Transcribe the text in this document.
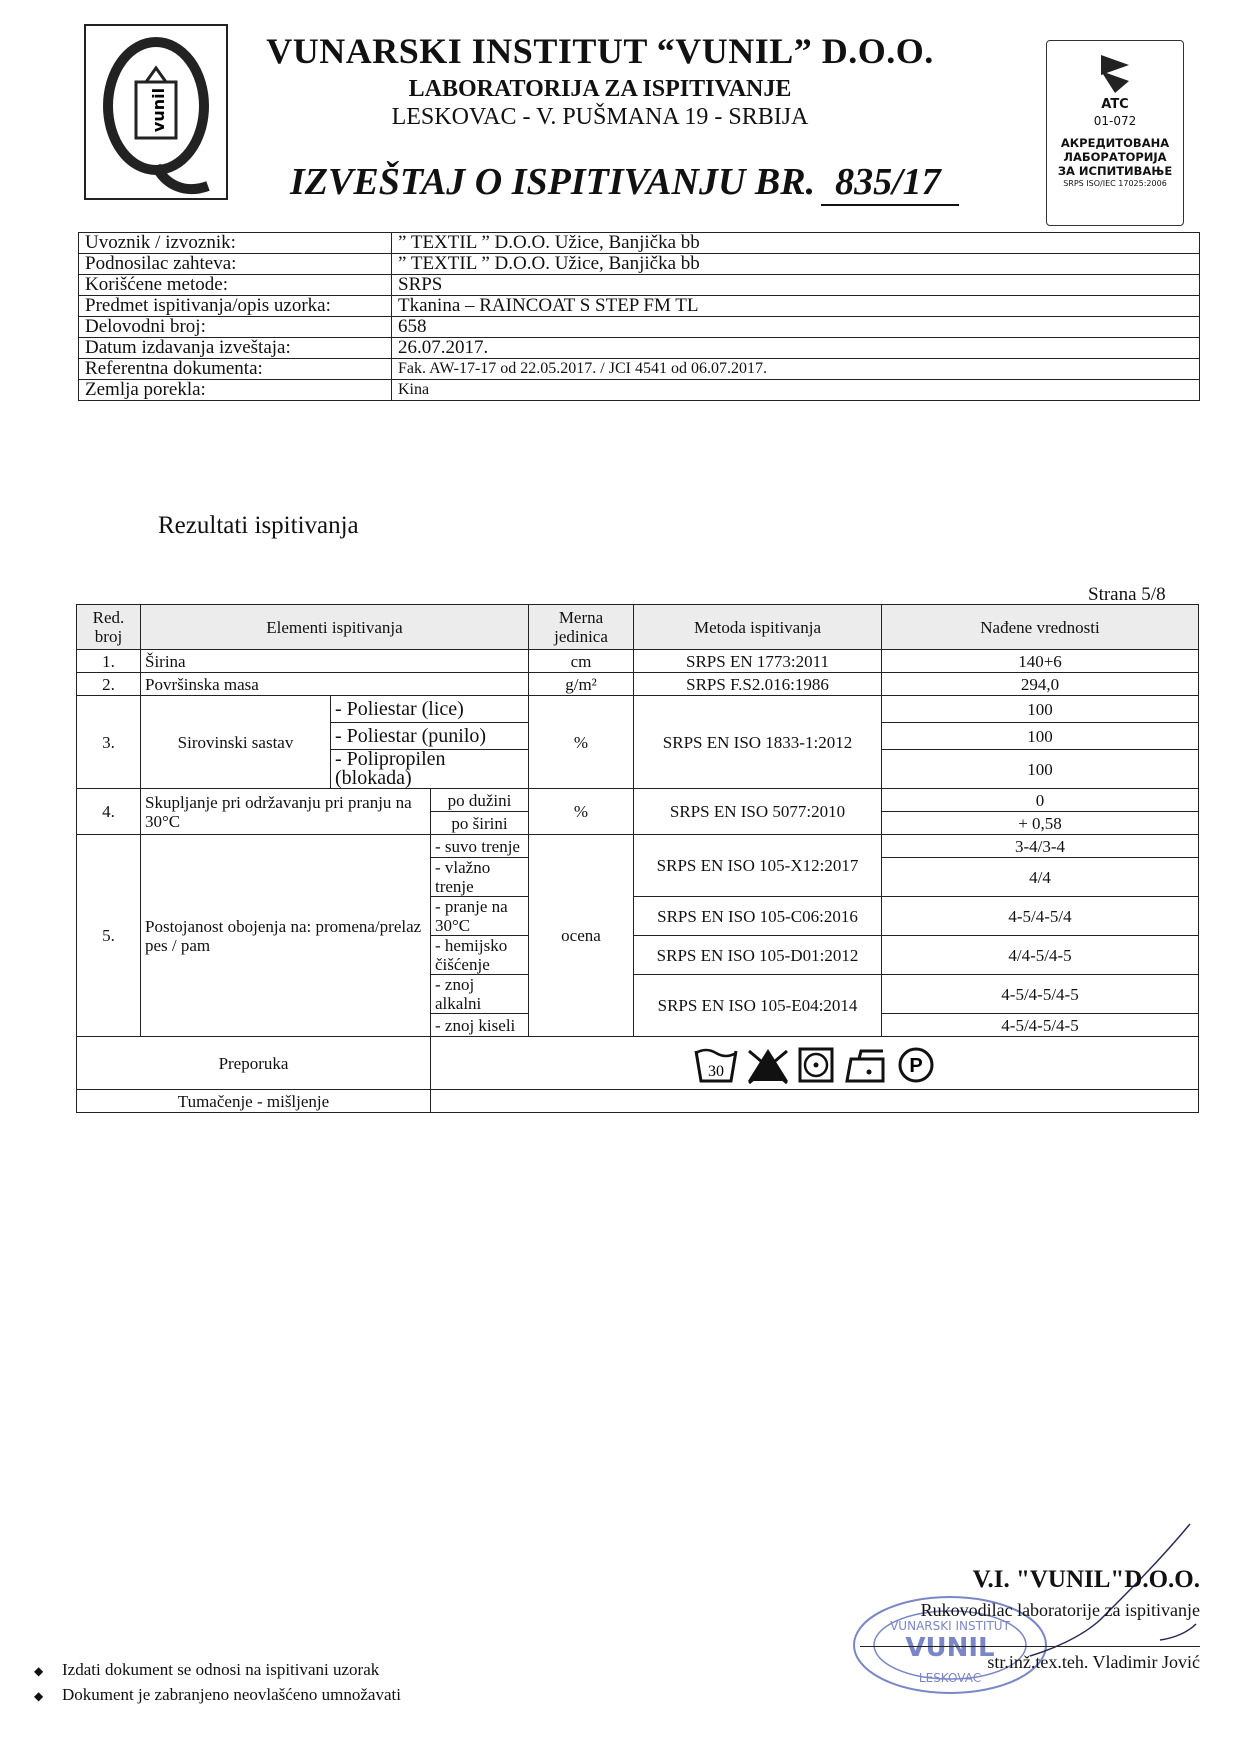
vunil
VUNARSKI INSTITUT “VUNIL” D.O.O.
LABORATORIJA ZA ISPITIVANJE
LESKOVAC - V. PUŠMANA 19 - SRBIJA
IZVEŠTAJ O ISPITIVANJU BR. 835/17
ATC
01-072
АКРЕДИТОВАНА
ЛАБОРАТОРИЈА
ЗА ИСПИТИВАЊЕ
SRPS ISO/IEC 17025:2006
Uvoznik / izvoznik:	” TEXTIL ” D.O.O. Užice, Banjička bb
Podnosilac zahteva:	” TEXTIL ” D.O.O. Užice, Banjička bb
Korišćene metode:	SRPS
Predmet ispitivanja/opis uzorka:	Tkanina – RAINCOAT S STEP FM TL
Delovodni broj:	658
Datum izdavanja izveštaja:	26.07.2017.
Referentna dokumenta:	Fak. AW-17-17 od 22.05.2017. / JCI 4541 od 06.07.2017.
Zemlja porekla:	Kina
Rezultati ispitivanja
Strana 5/8
Red. broj	Elementi ispitivanja			Merna jedinica	Metoda ispitivanja	Nađene vrednosti
1.	Širina			cm	SRPS EN 1773:2011	140+6
2.	Površinska masa			g/m²	SRPS F.S2.016:1986	294,0
3.	Sirovinski sastav	- Poliestar (lice)		%	SRPS EN ISO 1833-1:2012	100
		- Poliestar (punilo)				100
		- Polipropilen (blokada)				100
4.	Skupljanje pri održavanju pri pranju na 30°C		po dužini	%	SRPS EN ISO 5077:2010	0
			po širini			+ 0,58
5.	Postojanost obojenja na: promena/prelaz pes / pam		- suvo trenje	ocena	SRPS EN ISO 105-X12:2017	3-4/3-4
			- vlažno trenje			4/4
			- pranje na 30°C		SRPS EN ISO 105-C06:2016	4-5/4-5/4
			- hemijsko čišćenje		SRPS EN ISO 105-D01:2012	4/4-5/4-5
			- znoj alkalni		SRPS EN ISO 105-E04:2014	4-5/4-5/4-5
			- znoj kiseli			4-5/4-5/4-5
Preporuka			30 P			

Tumačenje - mišljenje						
VUNARSKI INSTITUT
VUNIL
LESKOVAC
V.I. "VUNIL"D.O.O.
Rukovodilac laboratorije za ispitivanje
str.inž.tex.teh. Vladimir Jović
◆ Izdati dokument se odnosi na ispitivani uzorak
◆ Dokument je zabranjeno neovlašćeno umnožavati
